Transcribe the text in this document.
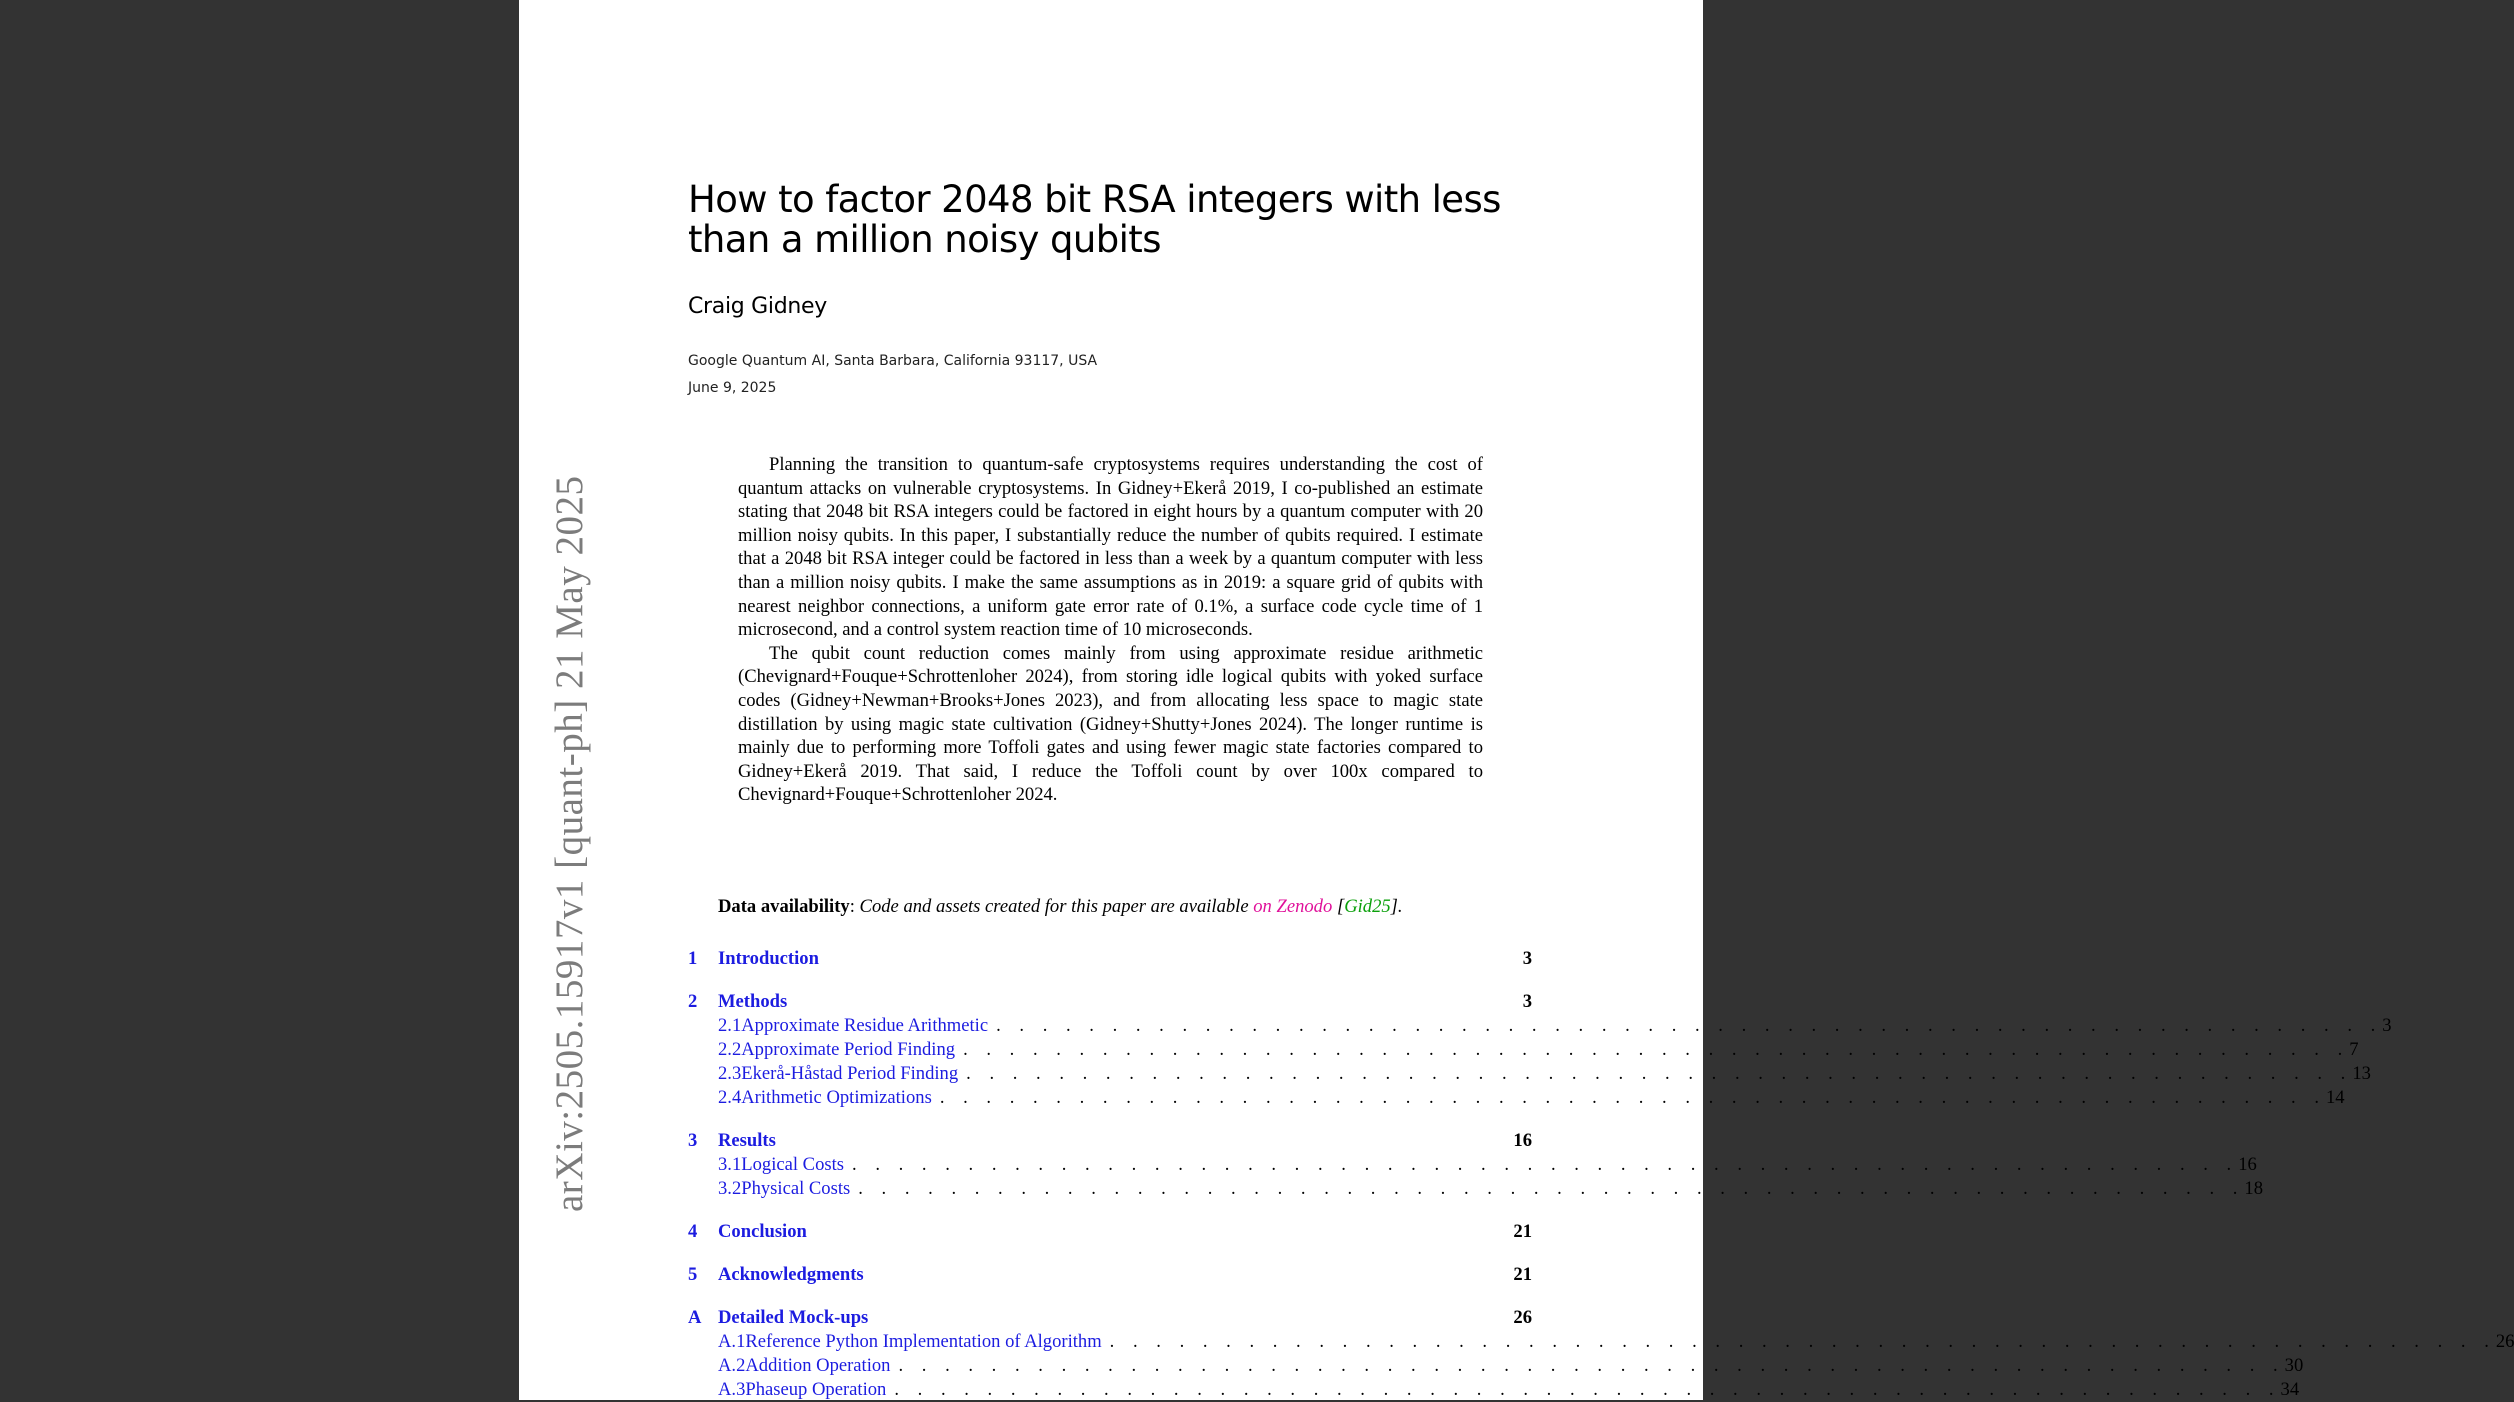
arXiv:2505.15917v1 [quant-ph] 21 May 2025
How to factor 2048 bit RSA integers with less than a million noisy qubits
Craig Gidney
Google Quantum AI, Santa Barbara, California 93117, USA
June 9, 2025

Planning the transition to quantum-safe cryptosystems requires understanding the cost of quantum attacks on vulnerable cryptosystems. In Gidney+Ekerå 2019, I co-published an estimate stating that 2048 bit RSA integers could be factored in eight hours by a quantum computer with 20 million noisy qubits. In this paper, I substantially reduce the number of qubits required. I estimate that a 2048 bit RSA integer could be factored in less than a week by a quantum computer with less than a million noisy qubits. I make the same assumptions as in 2019: a square grid of qubits with nearest neighbor connections, a uniform gate error rate of 0.1%, a surface code cycle time of 1 microsecond, and a control system reaction time of 10 microseconds.

The qubit count reduction comes mainly from using approximate residue arithmetic (Chevignard+Fouque+Schrottenloher 2024), from storing idle logical qubits with yoked surface codes (Gidney+Newman+Brooks+Jones 2023), and from allocating less space to magic state distillation by using magic state cultivation (Gidney+Shutty+Jones 2024). The longer runtime is mainly due to performing more Toffoli gates and using fewer magic state factories compared to Gidney+Ekerå 2019. That said, I reduce the Toffoli count by over 100x compared to Chevignard+Fouque+Schrottenloher 2024.

Data availability: Code and assets created for this paper are available on Zenodo [Gid25].
1	Introduction	3
2	Methods	3
2.1 Approximate Residue Arithmetic . . . . . . . . . . . . . . . . . . . . . . . . . . . . . . . . . . . . . . . . . . . . . . . . . . . . . . . . . . . . 3
2.2 Approximate Period Finding . . . . . . . . . . . . . . . . . . . . . . . . . . . . . . . . . . . . . . . . . . . . . . . . . . . . . . . . . . . . 7
2.3 Ekerå-Håstad Period Finding . . . . . . . . . . . . . . . . . . . . . . . . . . . . . . . . . . . . . . . . . . . . . . . . . . . . . . . . . . . . 13
2.4 Arithmetic Optimizations . . . . . . . . . . . . . . . . . . . . . . . . . . . . . . . . . . . . . . . . . . . . . . . . . . . . . . . . . . . . 14
3	Results	16
3.1 Logical Costs . . . . . . . . . . . . . . . . . . . . . . . . . . . . . . . . . . . . . . . . . . . . . . . . . . . . . . . . . . . . 16
3.2 Physical Costs . . . . . . . . . . . . . . . . . . . . . . . . . . . . . . . . . . . . . . . . . . . . . . . . . . . . . . . . . . . . 18
4	Conclusion	21
5	Acknowledgments	21
A Detailed Mock-ups	26
A.1 Reference Python Implementation of Algorithm . . . . . . . . . . . . . . . . . . . . . . . . . . . . . . . . . . . . . . . . . . . . . . . . . . . . . . . . . . . . 26
A.2 Addition Operation . . . . . . . . . . . . . . . . . . . . . . . . . . . . . . . . . . . . . . . . . . . . . . . . . . . . . . . . . . . . 30
A.3 Phaseup Operation . . . . . . . . . . . . . . . . . . . . . . . . . . . . . . . . . . . . . . . . . . . . . . . . . . . . . . . . . . . . 34
